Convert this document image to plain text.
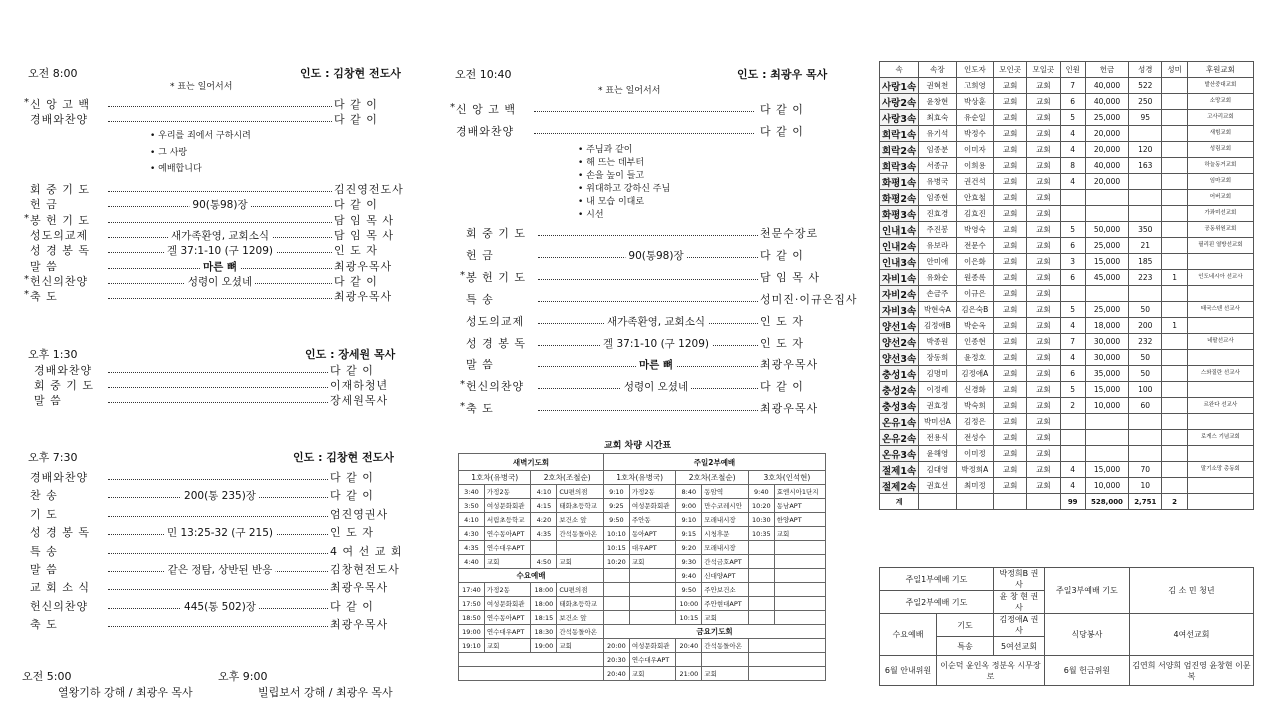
오전 8:00	인도 : 김창현 전도사
* 표는 일어서서
* 신 앙 고 백	다 같 이
경배와찬양	다 같 이
• 우리를 죄에서 구하시려
• 그 사랑
• 예배합니다
회 중 기 도	김진영전도사
헌 금	90(통98)장	다 같 이
* 봉 헌 기 도	담 임 목 사
성도의교제	새가족환영, 교회소식	담 임 목 사
성 경 봉 독	겔 37:1-10 (구 1209)	인 도 자
말 씀	마른 뼈	최광우목사
* 헌신의찬양	성령이 오셨네	다 같 이
* 축 도	최광우목사
오후 1:30	인도 : 장세원 목사
경배와찬양	다 같 이
회 중 기 도	이재하청년
말 씀	장세원목사
오후 7:30	인도 : 김창현 전도사
경배와찬양	다 같 이
찬 송	200(통 235)장	다 같 이
기 도	엄진영권사
성 경 봉 독	민 13:25-32 (구 215)	인 도 자
특 송	4 여 선 교 회
말 씀	같은 정탐, 상반된 반응	김창현전도사
교 회 소 식	최광우목사
헌신의찬양	445(통 502)장	다 같 이
축 도	최광우목사
오전 5:00
열왕기하 강해 / 최광우 목사
오후 9:00
빌립보서 강해 / 최광우 목사
오전 10:40	인도 : 최광우 목사
* 표는 일어서서
* 신 앙 고 백	다 같 이
경배와찬양	다 같 이
• 주님과 같이
• 해 뜨는 데부터
• 손을 높이 들고
• 위대하고 강하신 주님
• 내 모습 이대로
• 시선
회 중 기 도	천문수장로
헌 금	90(통98)장	다 같 이
* 봉 헌 기 도	담 임 목 사
특 송	성미진·이규은집사
성도의교제	새가족환영, 교회소식	인 도 자
성 경 봉 독	겔 37:1-10 (구 1209)	인 도 자
말 씀	마른 뼈	최광우목사
* 헌신의찬양	성령이 오셨네	다 같 이
* 축 도	최광우목사
교회 차량 시간표
새벽기도회				주일2부예배					
1호차(유병국)		2호차(조철순)		1호차(유병국)		2호차(조철순)		3호차(인석현)	
3:40	가정2동	4:10	CU편의점	9:10	가정2동	8:40	동암역	9:40	효엔시아1단지
3:50	여성문화회관	4:15	태화초등학교	9:25	여성문화회관	9:00	만수코레시안	10:20	동남APT
4:10	서림초등학교	4:20	보건소 앞	9:50	주안동	9:10	모래내시장	10:30	한양APT
4:30	연수동아APT	4:35	간석동돌아온	10:10	동아APT	9:15	시청후문	10:35	교회
4:35	연수대우APT			10:15	대우APT	9:20	모래내시장		
4:40	교회	4:50	교회	10:20	교회	9:30	간석금호APT		
수요예배						9:40	신대양APT		
17:40	가정2동	18:00	CU편의점			9:50	주안보건소		
17:50	여성문화회관	18:00	태화초등학교			10:00	주안현대APT		
18:50	연수동아APT	18:15	보건소 앞			10:15	교회		
19:00	연수대우APT	18:30	간석동돌아온	금요기도회					
19:10	교회	19:00	교회	20:00	여성문화회관	20:40	간석동돌아온		
				20:30	연수대우APT				
				20:40	교회	21:00	교회		
속	속장	인도자	모인곳	모일곳	인원	헌금	성경	성미	후원교회
사랑1속	권혁천	고희영	교회	교회	7	40,000	522		발산중대교회
사랑2속	윤창현	박상훈	교회	교회	6	40,000	250		소망교회
사랑3속	최효숙	유순일	교회	교회	5	25,000	95		고사리교회
희락1속	유기석	박정수	교회	교회	4	20,000			새힘교회
희락2속	임종분	이미자	교회	교회	4	20,000	120		성림교회
희락3속	서종규	이희용	교회	교회	8	40,000	163		하늘동거교회
화평1속	유병국	권건석	교회	교회	4	20,000			임마교회
화평2속	임종현	안효철	교회	교회					어버교회
화평3속	진효경	김효진	교회	교회					가좌미선교회
인내1속	주진봉	박영숙	교회	교회	5	50,000	350		공동위원교회
인내2속	유보라	전문수	교회	교회	6	25,000	21		필리핀 열방선교회
인내3속	안미애	이은화	교회	교회	3	15,000	185		
자비1속	유화순	원종록	교회	교회	6	45,000	223	1	인도네시아 선교사
자비2속	손금주	이규은	교회	교회					
자비3속	박현숙A	김은숙B	교회	교회	5	25,000	50		태국스텐 선교사
양선1속	김정애B	박순옥	교회	교회	4	18,000	200	1	
양선2속	박종원	인종현	교회	교회	7	30,000	232		네팔선교사
양선3속	장동희	윤정호	교회	교회	4	30,000	50		
충성1속	김명미	김정애A	교회	교회	6	35,000	50		스와질란 선교사
충성2속	이정례	신경화	교회	교회	5	15,000	100		
충성3속	권효정	박숙희	교회	교회	2	10,000	60		르완다 선교사
온유1속	박미선A	김정은	교회	교회					
온유2속	전용식	전성수	교회	교회					로게스 기념교회
온유3속	윤해영	이미정	교회	교회					
절제1속	김대영	박정희A	교회	교회	4	15,000	70		말기소망 총동회
절제2속	권효선	최미정	교회	교회	4	10,000	10		
계					99	528,000	2,751	2	
주일1부예배 기도		박정희B 권사	주일3부예배 기도	김 소 민 청년
주일2부예배 기도		윤 창 현 권사		
수요예배	기도	김정애A 권사	식당봉사	4여선교회
	특송	5여선교회		
6월 안내위원	이순덕 윤인옥 정분옥 시무장로		6월 헌금위원	김연희 서양희 엄진영 윤창현 이문복
